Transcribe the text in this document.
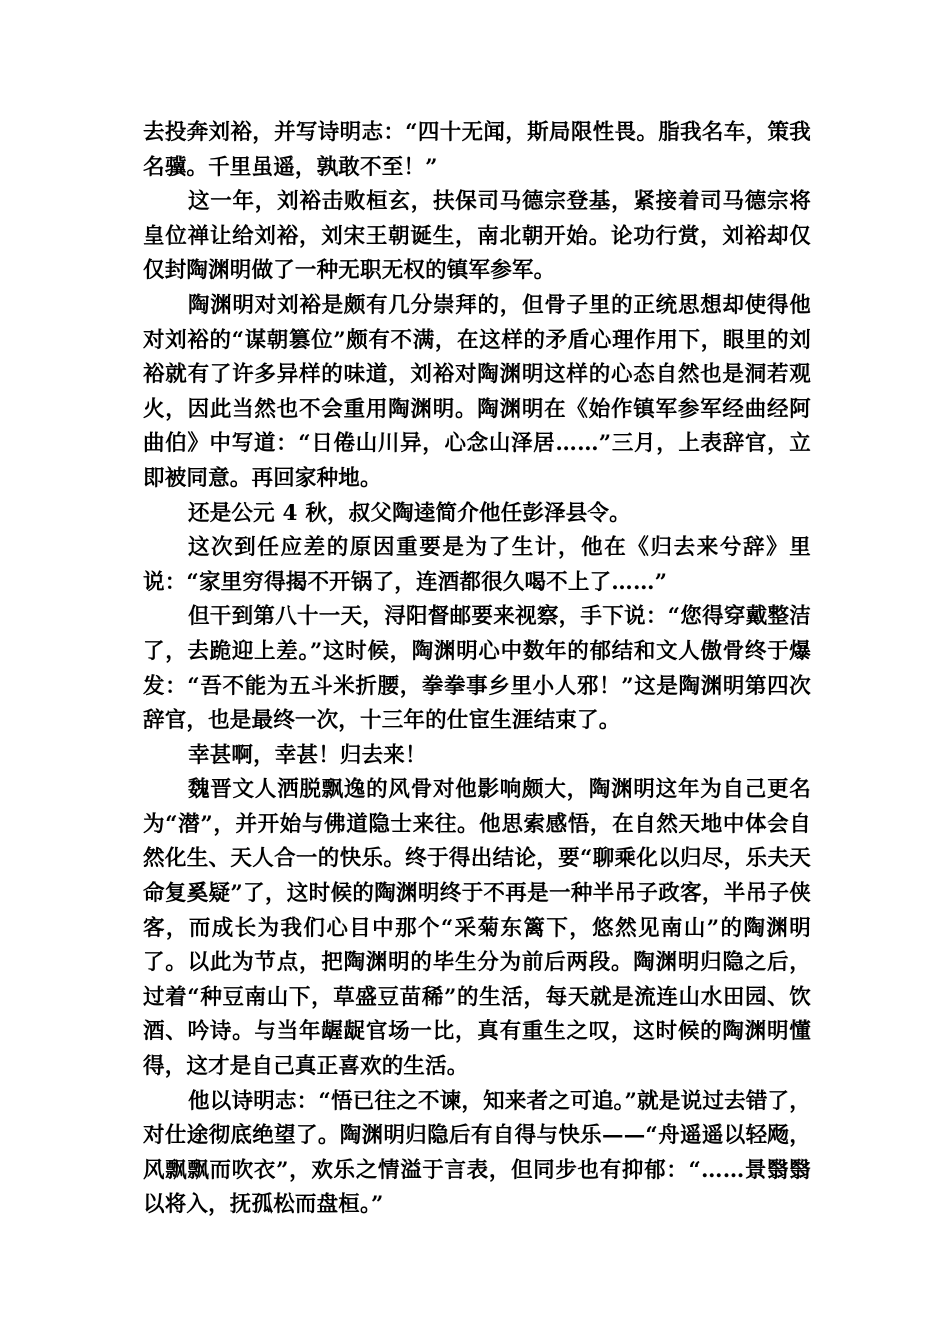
去投奔刘裕，并写诗明志：“四十无闻，斯局限性畏。脂我名车，策我名骥。千里虽遥，孰敢不至！”

这一年，刘裕击败桓玄，扶保司马德宗登基，紧接着司马德宗将皇位禅让给刘裕，刘宋王朝诞生，南北朝开始。论功行赏，刘裕却仅仅封陶渊明做了一种无职无权的镇军参军。

陶渊明对刘裕是颇有几分崇拜的，但骨子里的正统思想却使得他对刘裕的“谋朝篡位”颇有不满，在这样的矛盾心理作用下，眼里的刘裕就有了许多异样的味道，刘裕对陶渊明这样的心态自然也是洞若观火，因此当然也不会重用陶渊明。陶渊明在《始作镇军参军经曲经阿曲伯》中写道：“日倦山川异，心念山泽居……”三月，上表辞官，立即被同意。再回家种地。

还是公元 4 秋，叔父陶逵简介他任彭泽县令。

这次到任应差的原因重要是为了生计，他在《归去来兮辞》里说：“家里穷得揭不开锅了，连酒都很久喝不上了……”

但干到第八十一天，浔阳督邮要来视察，手下说：“您得穿戴整洁了，去跪迎上差。”这时候，陶渊明心中数年的郁结和文人傲骨终于爆发：“吾不能为五斗米折腰，拳拳事乡里小人邪！”这是陶渊明第四次辞官，也是最终一次，十三年的仕宦生涯结束了。

幸甚啊，幸甚！归去来！

魏晋文人洒脱飘逸的风骨对他影响颇大，陶渊明这年为自己更名为“潜”，并开始与佛道隐士来往。他思索感悟，在自然天地中体会自然化生、天人合一的快乐。终于得出结论，要“聊乘化以归尽，乐夫天命复奚疑”了，这时候的陶渊明终于不再是一种半吊子政客，半吊子侠客，而成长为我们心目中那个“采菊东篱下，悠然见南山”的陶渊明了。以此为节点，把陶渊明的毕生分为前后两段。陶渊明归隐之后，过着“种豆南山下，草盛豆苗稀”的生活，每天就是流连山水田园、饮酒、吟诗。与当年龌龊官场一比，真有重生之叹，这时候的陶渊明懂得，这才是自己真正喜欢的生活。

他以诗明志：“悟已往之不谏，知来者之可追。”就是说过去错了，对仕途彻底绝望了。陶渊明归隐后有自得与快乐——“舟遥遥以轻飏，风飘飘而吹衣”，欢乐之情溢于言表，但同步也有抑郁：“……景翳翳以将入，抚孤松而盘桓。”
